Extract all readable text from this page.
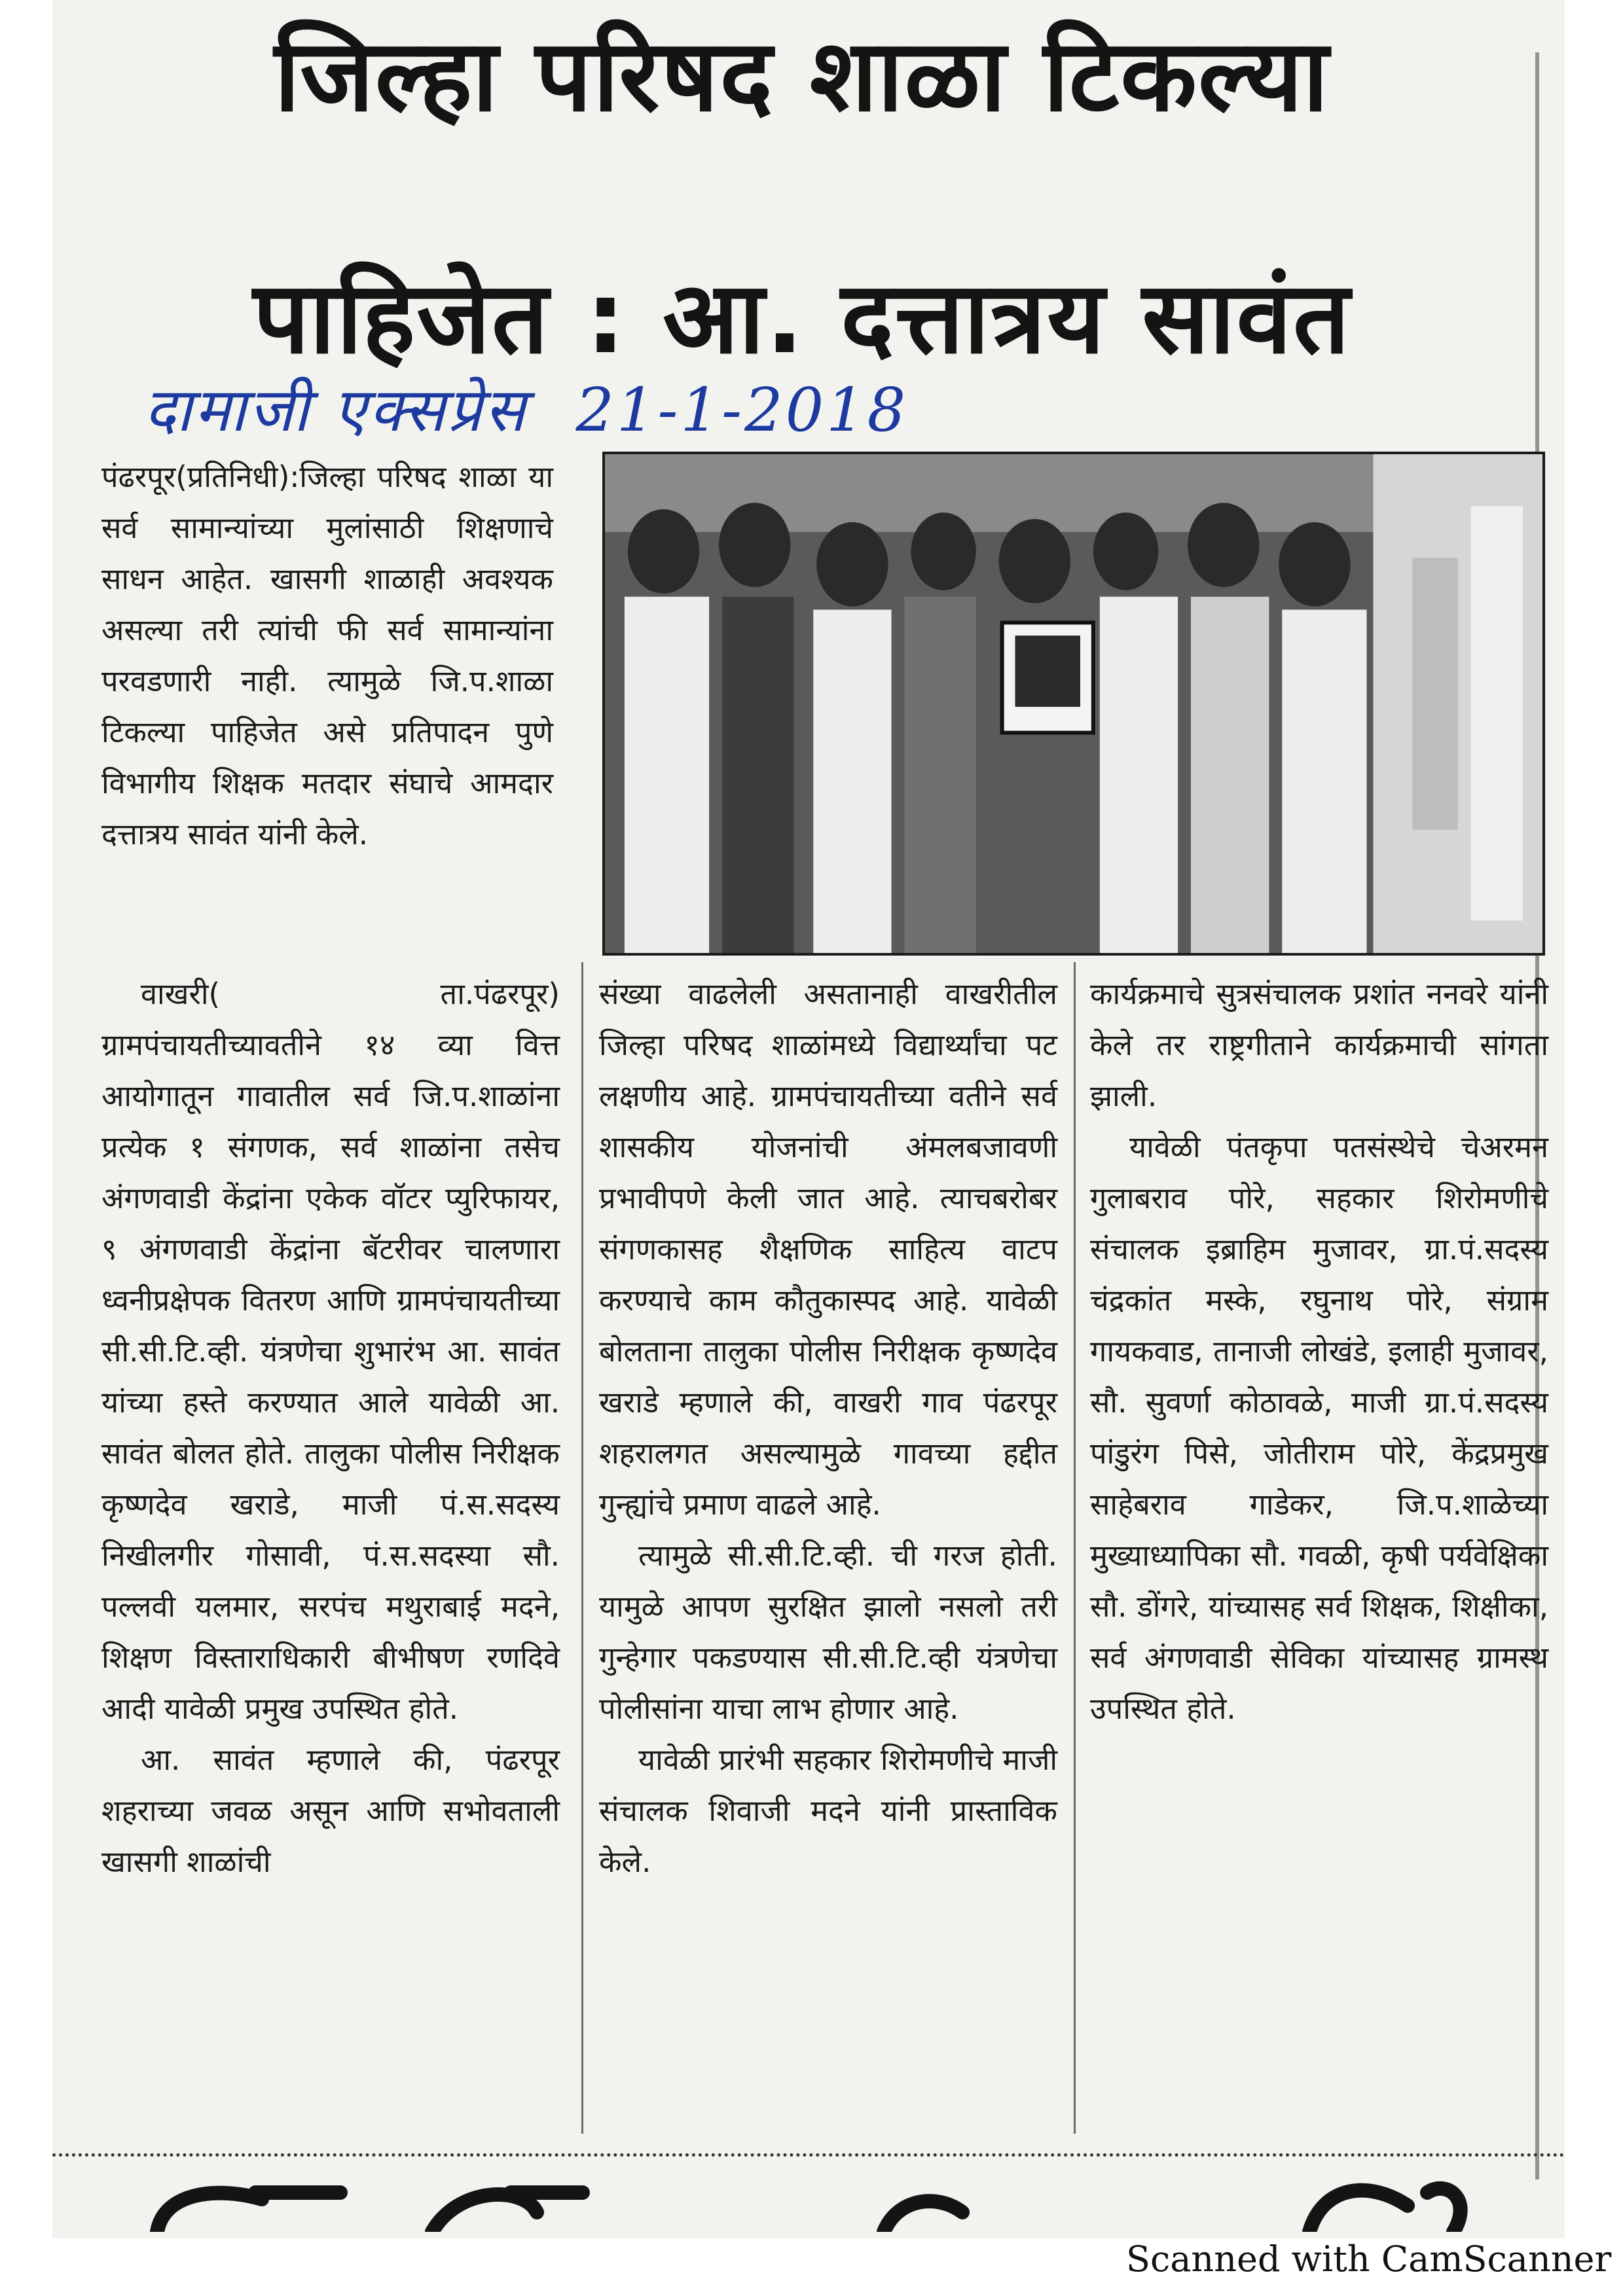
जिल्हा परिषद शाळा टिकल्या
पाहिजेत : आ. दत्तात्रय सावंत
दामाजी एक्सप्रेस 21-1-2018

पंढरपूर(प्रतिनिधी):जिल्हा परिषद शाळा या सर्व सामान्यांच्या मुलांसाठी शिक्षणाचे साधन आहेत. खासगी शाळाही अवश्यक असल्या तरी त्यांची फी सर्व सामान्यांना परवडणारी नाही. त्यामुळे जि.प.शाळा टिकल्या पाहिजेत असे प्रतिपादन पुणे विभागीय शिक्षक मतदार संघाचे आमदार दत्तात्रय सावंत यांनी केले.

वाखरी( ता.पंढरपूर) ग्रामपंचायतीच्यावतीने १४ व्या वित्त आयोगातून गावातील सर्व जि.प.शाळांना प्रत्येक १ संगणक, सर्व शाळांना तसेच अंगणवाडी केंद्रांना एकेक वॉटर प्युरिफायर, ९ अंगणवाडी केंद्रांना बॅटरीवर चालणारा ध्वनीप्रक्षेपक वितरण आणि ग्रामपंचायतीच्या सी.सी.टि.व्ही. यंत्रणेचा शुभारंभ आ. सावंत यांच्या हस्ते करण्यात आले यावेळी आ. सावंत बोलत होते. तालुका पोलीस निरीक्षक कृष्णदेव खराडे, माजी पं.स.सदस्य निखीलगीर गोसावी, पं.स.सदस्या सौ. पल्लवी यलमार, सरपंच मथुराबाई मदने, शिक्षण विस्ताराधिकारी बीभीषण रणदिवे आदी यावेळी प्रमुख उपस्थित होते.

आ. सावंत म्हणाले की, पंढरपूर शहराच्या जवळ असून आणि सभोवताली खासगी शाळांची

संख्या वाढलेली असतानाही वाखरीतील जिल्हा परिषद शाळांमध्ये विद्यार्थ्यांचा पट लक्षणीय आहे. ग्रामपंचायतीच्या वतीने सर्व शासकीय योजनांची अंमलबजावणी प्रभावीपणे केली जात आहे. त्याचबरोबर संगणकासह शैक्षणिक साहित्य वाटप करण्याचे काम कौतुकास्पद आहे. यावेळी बोलताना तालुका पोलीस निरीक्षक कृष्णदेव खराडे म्हणाले की, वाखरी गाव पंढरपूर शहरालगत असल्यामुळे गावच्या हद्दीत गुन्ह्यांचे प्रमाण वाढले आहे.

त्यामुळे सी.सी.टि.व्ही. ची गरज होती. यामुळे आपण सुरक्षित झालो नसलो तरी गुन्हेगार पकडण्यास सी.सी.टि.व्ही यंत्रणेचा पोलीसांना याचा लाभ होणार आहे.

यावेळी प्रारंभी सहकार शिरोमणीचे माजी संचालक शिवाजी मदने यांनी प्रास्ताविक केले.

कार्यक्रमाचे सुत्रसंचालक प्रशांत ननवरे यांनी केले तर राष्ट्रगीताने कार्यक्रमाची सांगता झाली.

यावेळी पंतकृपा पतसंस्थेचे चेअरमन गुलाबराव पोरे, सहकार शिरोमणीचे संचालक इब्राहिम मुजावर, ग्रा.पं.सदस्य चंद्रकांत मस्के, रघुनाथ पोरे, संग्राम गायकवाड, तानाजी लोखंडे, इलाही मुजावर, सौ. सुवर्णा कोठावळे, माजी ग्रा.पं.सदस्य पांडुरंग पिसे, जोतीराम पोरे, केंद्रप्रमुख साहेबराव गाडेकर, जि.प.शाळेच्या मुख्याध्यापिका सौ. गवळी, कृषी पर्यवेक्षिका सौ. डोंगरे, यांच्यासह सर्व शिक्षक, शिक्षीका, सर्व अंगणवाडी सेविका यांच्यासह ग्रामस्थ उपस्थित होते.

Scanned with CamScanner
